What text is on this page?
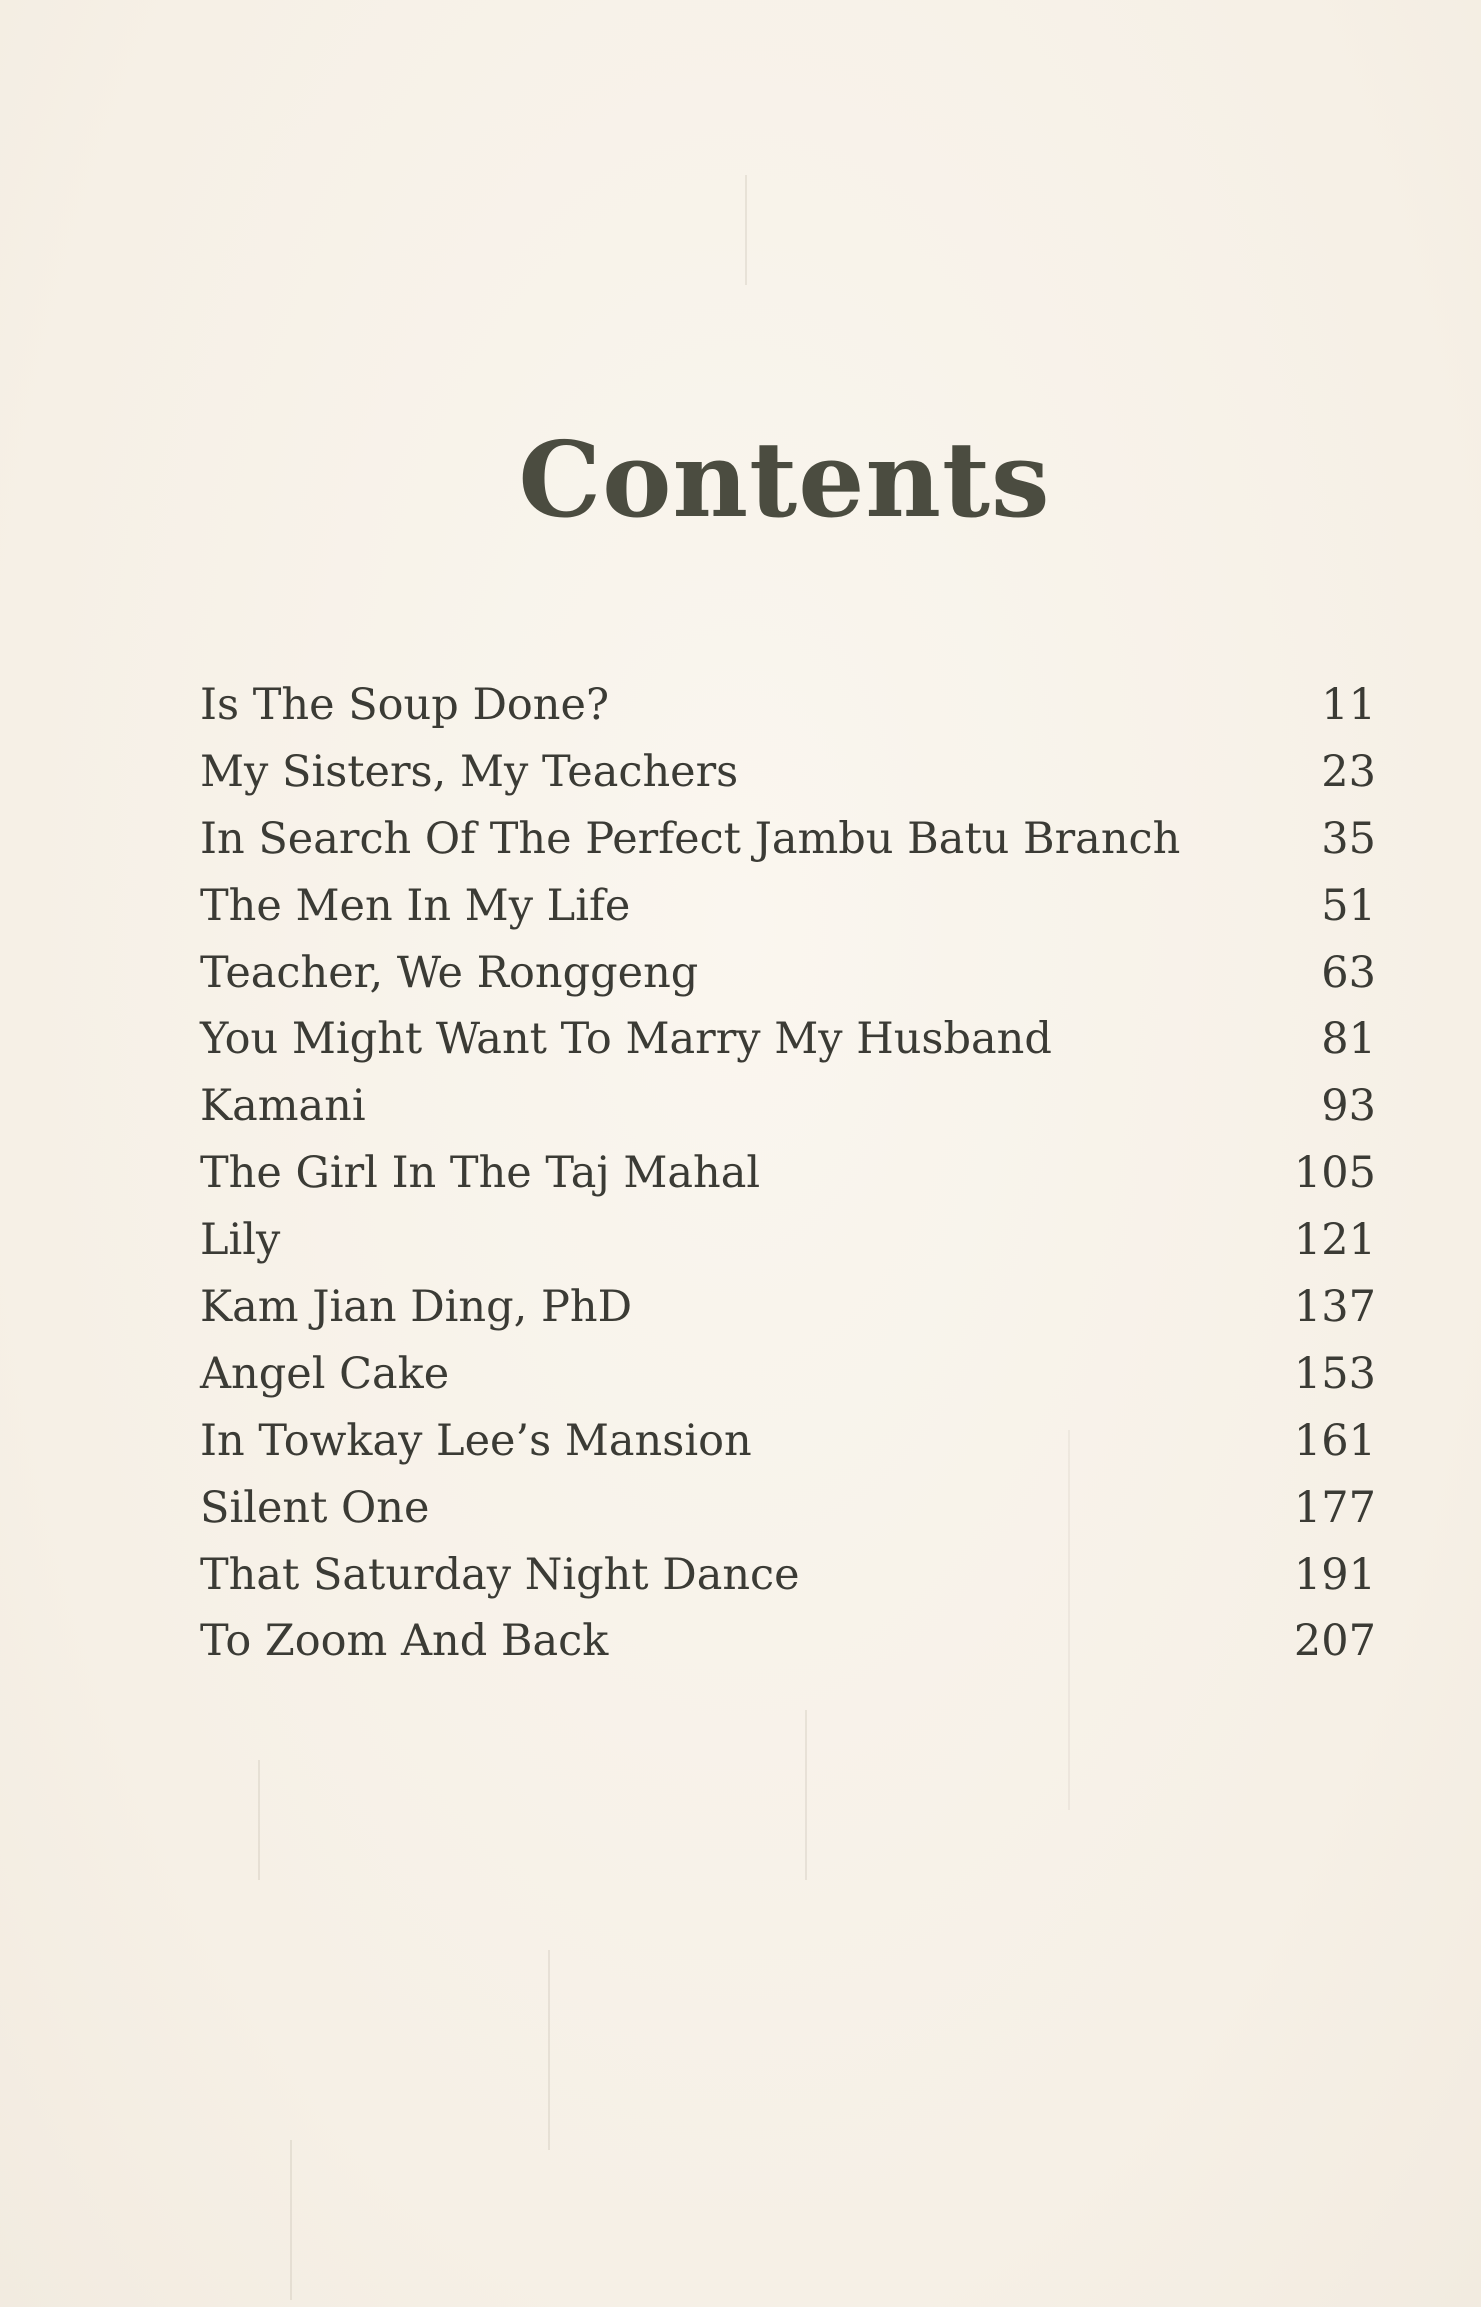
Contents
Is The Soup Done?	11
My Sisters, My Teachers	23
In Search Of The Perfect Jambu Batu Branch	35
The Men In My Life	51
Teacher, We Ronggeng	63
You Might Want To Marry My Husband	81
Kamani	93
The Girl In The Taj Mahal	105
Lily	121
Kam Jian Ding, PhD	137
Angel Cake	153
In Towkay Lee’s Mansion	161
Silent One	177
That Saturday Night Dance	191
To Zoom And Back	207
